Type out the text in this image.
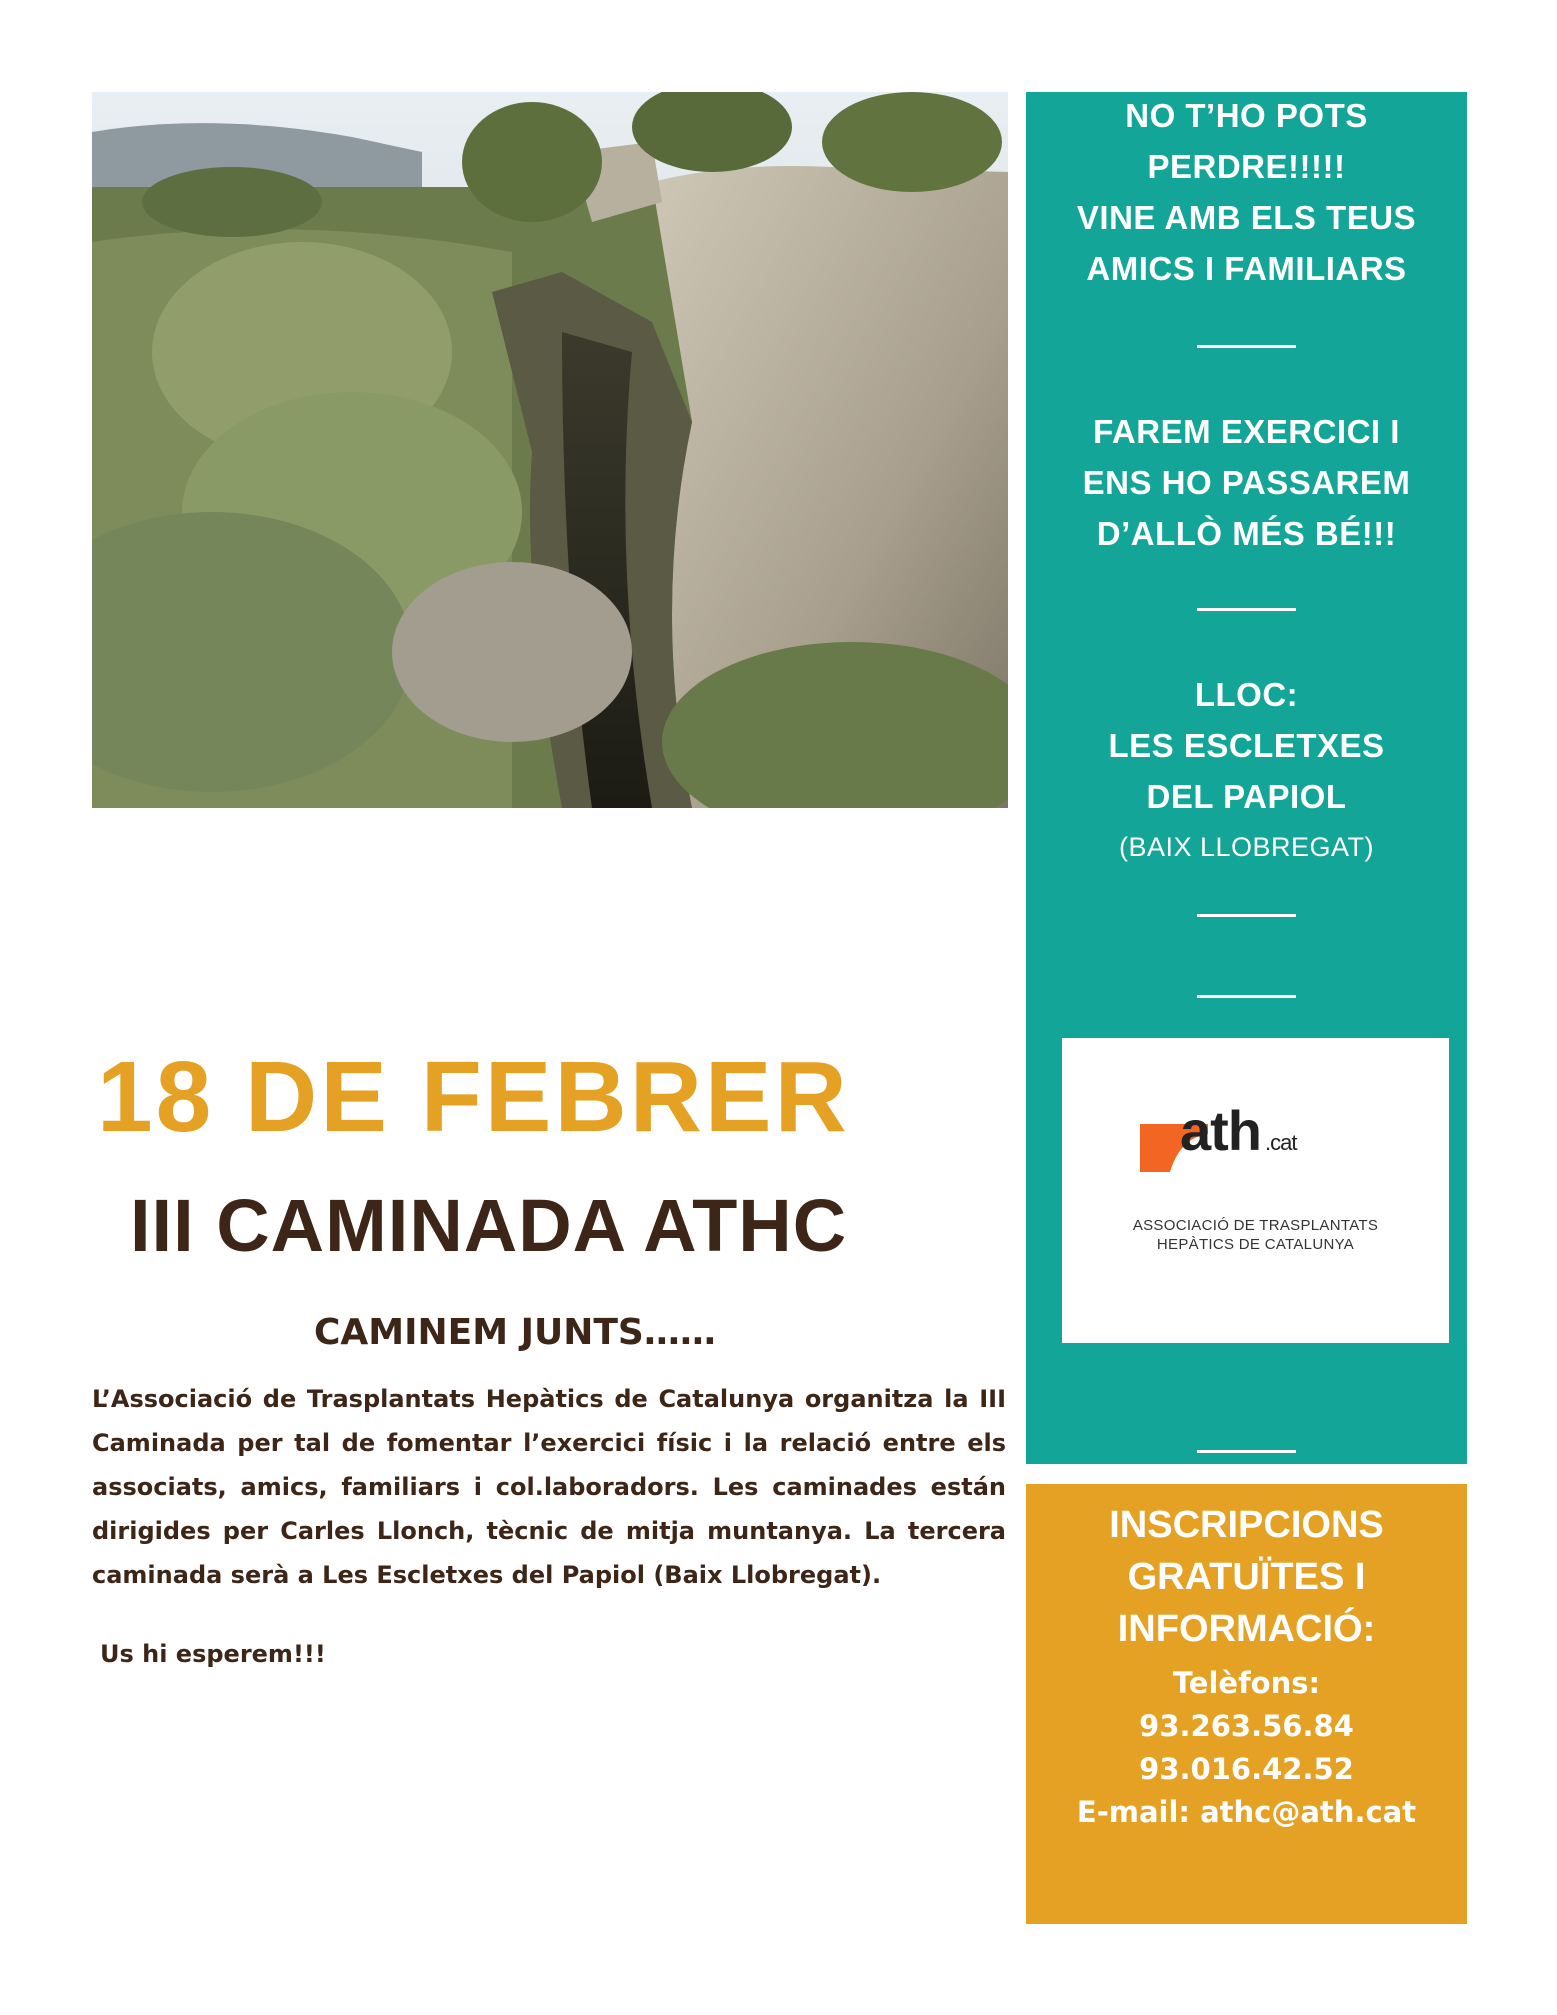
NO T’HO POTS
PERDRE!!!!!
VINE AMB ELS TEUS
AMICS I FAMILIARS
FAREM EXERCICI I
ENS HO PASSAREM
D’ALLÒ MÉS BÉ!!!
LLOC:
LES ESCLETXES
DEL PAPIOL
(BAIX LLOBREGAT)
ath .cat
ASSOCIACIÓ DE TRASPLANTATS
HEPÀTICS DE CATALUNYA
INSCRIPCIONS
GRATUÏTES I
INFORMACIÓ:
Telèfons:
93.263.56.84
93.016.42.52
E-mail: athc@ath.cat
18 DE FEBRER
III CAMINADA ATHC
CAMINEM JUNTS……

L’Associació de Trasplantats Hepàtics de Catalunya organitza la III Caminada per tal de fomentar l’exercici físic i la relació entre els associats, amics, familiars i col.laboradors. Les caminades están dirigides per Carles Llonch, tècnic de mitja muntanya. La tercera caminada serà a Les Escletxes del Papiol (Baix Llobregat).

Us hi esperem!!!
